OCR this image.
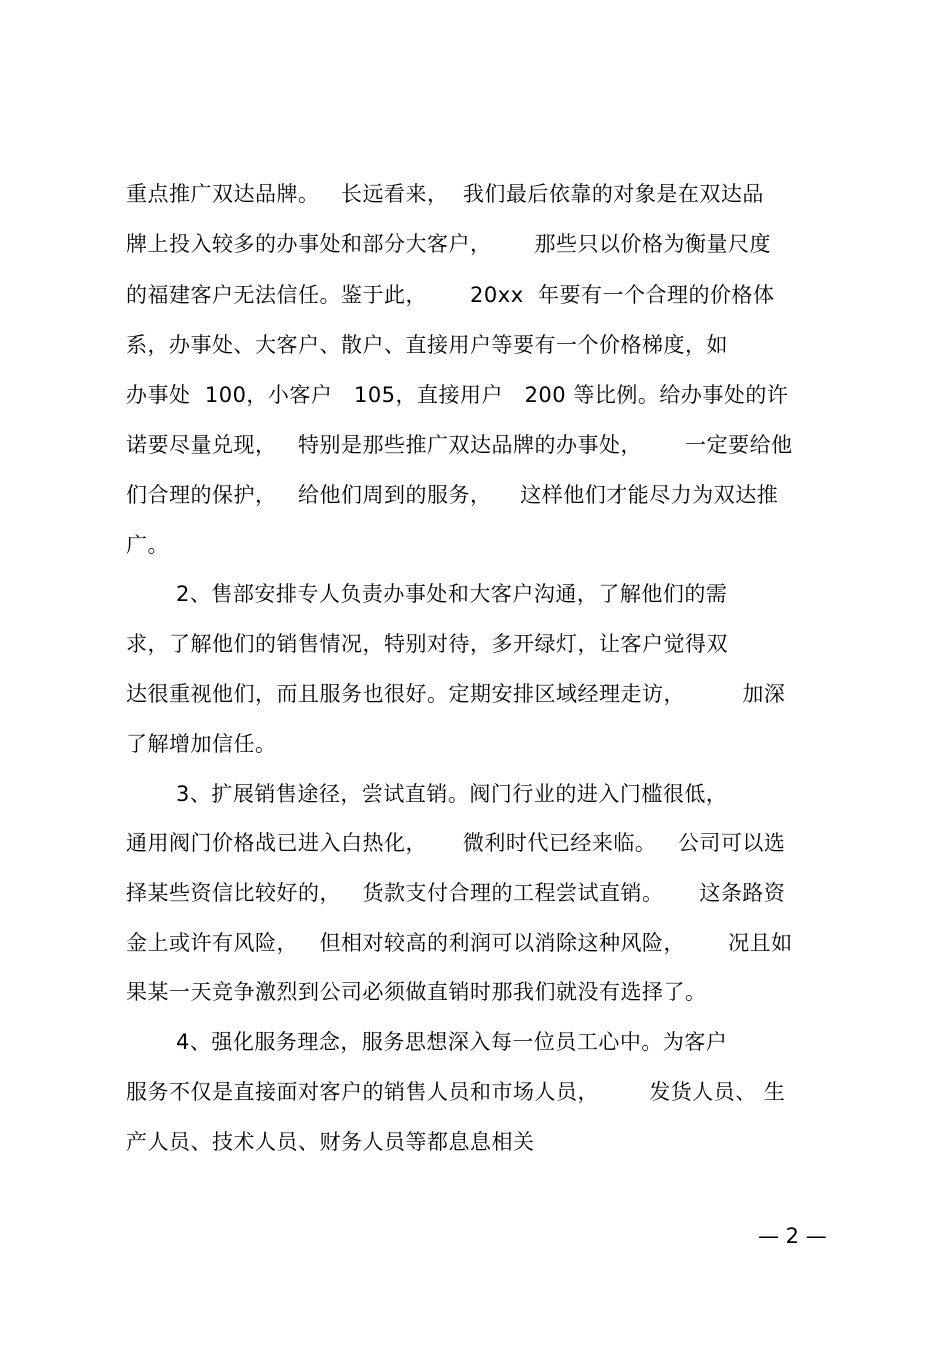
重点推广双达品牌。   长远看来，  我们最后依靠的对象是在双达品
牌上投入较多的办事处和部分大客户，      那些只以价格为衡量尺度
的福建客户无法信任。鉴于此，      20xx  年要有一个合理的价格体
系，办事处、大客户、散户、直接用户等要有一个价格梯度，如
办事处  100，小客户   105，直接用户   200 等比例。给办事处的许
诺要尽量兑现，   特别是那些推广双达品牌的办事处，      一定要给他
们合理的保护，   给他们周到的服务，    这样他们才能尽力为双达推
广。
2、售部安排专人负责办事处和大客户沟通，了解他们的需
求，了解他们的销售情况，特别对待，多开绿灯，让客户觉得双
达很重视他们，而且服务也很好。定期安排区域经理走访，        加深
了解增加信任。
3、扩展销售途径，尝试直销。阀门行业的进入门槛很低，
通用阀门价格战已进入白热化，     微利时代已经来临。   公司可以选
择某些资信比较好的，   货款支付合理的工程尝试直销。     这条路资
金上或许有风险，   但相对较高的利润可以消除这种风险，      况且如
果某一天竞争激烈到公司必须做直销时那我们就没有选择了。
4、强化服务理念，服务思想深入每一位员工心中。为客户
服务不仅是直接面对客户的销售人员和市场人员，       发货人员、 生
产人员、技术人员、财务人员等都息息相关
— 2 —
